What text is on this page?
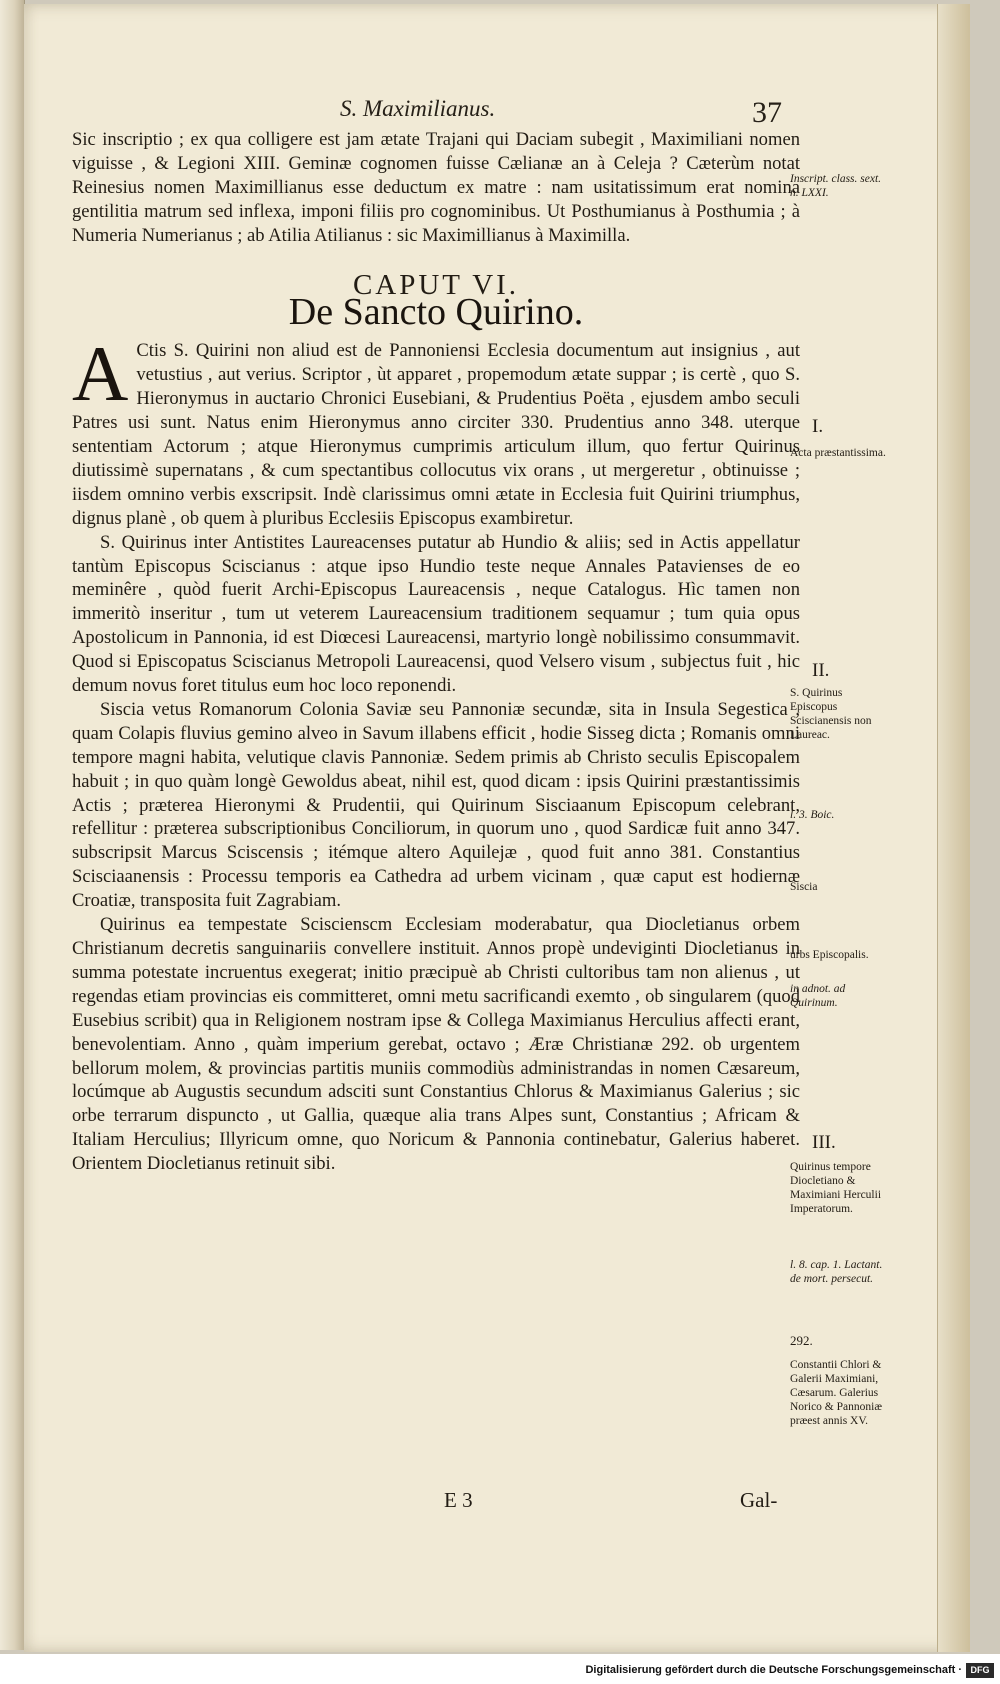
S. Maximilianus.	37

Sic inscriptio ; ex qua colligere est jam ætate Trajani qui Daciam subegit , Maximiliani nomen viguisse , & Legioni XIII. Geminæ cognomen fuisse Cælianæ an à Celeja ? Cæterùm notat Reinesius nomen Maximillianus esse deductum ex matre : nam usitatissimum erat nomina gentilitia matrum sed inflexa, imponi filiis pro cognominibus. Ut Posthumianus à Posthumia ; à Numeria Numerianus ; ab Atilia Atilianus : sic Maximillianus à Maximilla.

CAPUT VI.
De Sancto Quirino.

A Ctis S. Quirini non aliud est de Pannoniensi Ecclesia documentum aut insignius , aut vetustius , aut verius. Scriptor , ùt apparet , propemodum ætate suppar ; is certè , quo S. Hieronymus in auctario Chronici Eusebiani, & Prudentius Poëta , ejusdem ambo seculi Patres usi sunt. Natus enim Hieronymus anno circiter 330. Prudentius anno 348. uterque sententiam Actorum ; atque Hieronymus cumprimis articulum illum, quo fertur Quirinus diutissimè supernatans , & cum spectantibus collocutus vix orans , ut mergeretur , obtinuisse ; iisdem omnino verbis exscripsit. Indè clarissimus omni ætate in Ecclesia fuit Quirini triumphus, dignus planè , ob quem à pluribus Ecclesiis Episcopus exambiretur.

S. Quirinus inter Antistites Laureacenses putatur ab Hundio & aliis; sed in Actis appellatur tantùm Episcopus Sciscianus : atque ipso Hundio teste neque Annales Patavienses de eo meminêre , quòd fuerit Archi-Episcopus Laureacensis , neque Catalogus. Hìc tamen non immeritò inseritur , tum ut veterem Laureacensium traditionem sequamur ; tum quia opus Apostolicum in Pannonia, id est Diœcesi Laureacensi, martyrio longè nobilissimo consummavit. Quod si Episcopatus Sciscianus Metropoli Laureacensi, quod Velsero visum , subjectus fuit , hic demum novus foret titulus eum hoc loco reponendi.

Siscia vetus Romanorum Colonia Saviæ seu Pannoniæ secundæ, sita in Insula Segestica , quam Colapis fluvius gemino alveo in Savum illabens efficit , hodie Sisseg dicta ; Romanis omni tempore magni habita, velutique clavis Pannoniæ. Sedem primis ab Christo seculis Episcopalem habuit ; in quo quàm longè Gewoldus abeat, nihil est, quod dicam : ipsis Quirini præstantissimis Actis ; præterea Hieronymi & Prudentii, qui Quirinum Sisciaanum Episcopum celebrant, refellitur : præterea subscriptionibus Conciliorum, in quorum uno , quod Sardicæ fuit anno 347. subscripsit Marcus Sciscensis ; itémque altero Aquilejæ , quod fuit anno 381. Constantius Scisciaanensis : Processu temporis ea Cathedra ad urbem vicinam , quæ caput est hodiernæ Croatiæ, transposita fuit Zagrabiam.

Quirinus ea tempestate Sciscienscm Ecclesiam moderabatur, qua Diocletianus orbem Christianum decretis sanguinariis convellere instituit. Annos propè undeviginti Diocletianus in summa potestate incruentus exegerat; initio præcipuè ab Christi cultoribus tam non alienus , ut regendas etiam provincias eis committeret, omni metu sacrificandi exemto , ob singularem (quod Eusebius scribit) qua in Religionem nostram ipse & Collega Maximianus Herculius affecti erant, benevolentiam. Anno , quàm imperium gerebat, octavo ; Æræ Christianæ 292. ob urgentem bellorum molem, & provincias partitis muniis commodiùs administrandas in nomen Cæsareum, locúmque ab Augustis secundum adsciti sunt Constantius Chlorus & Maximianus Galerius ; sic orbe terrarum dispuncto , ut Gallia, quæque alia trans Alpes sunt, Constantius ; Africam & Italiam Herculius; Illyricum omne, quo Noricum & Pannonia continebatur, Galerius haberet. Orientem Diocletianus retinuit sibi.

Inscript. class. sext. n. LXXI.
I.
Acta præstantissima.
II.
S. Quirinus Episcopus Sciscianensis non Laureac.
l. 3. Boic.
Siscia
urbs Episcopalis.
in adnot. ad Quirinum.
III.
Quirinus tempore Diocletiano & Maximiani Herculii Imperatorum.
l. 8. cap. 1. Lactant. de mort. persecut.
292.
Constantii Chlori & Galerii Maximiani, Cæsarum. Galerius Norico & Pannoniæ præest annis XV.
E 3	Gal-
Digitalisierung gefördert durch die Deutsche Forschungsgemeinschaft · DFG
